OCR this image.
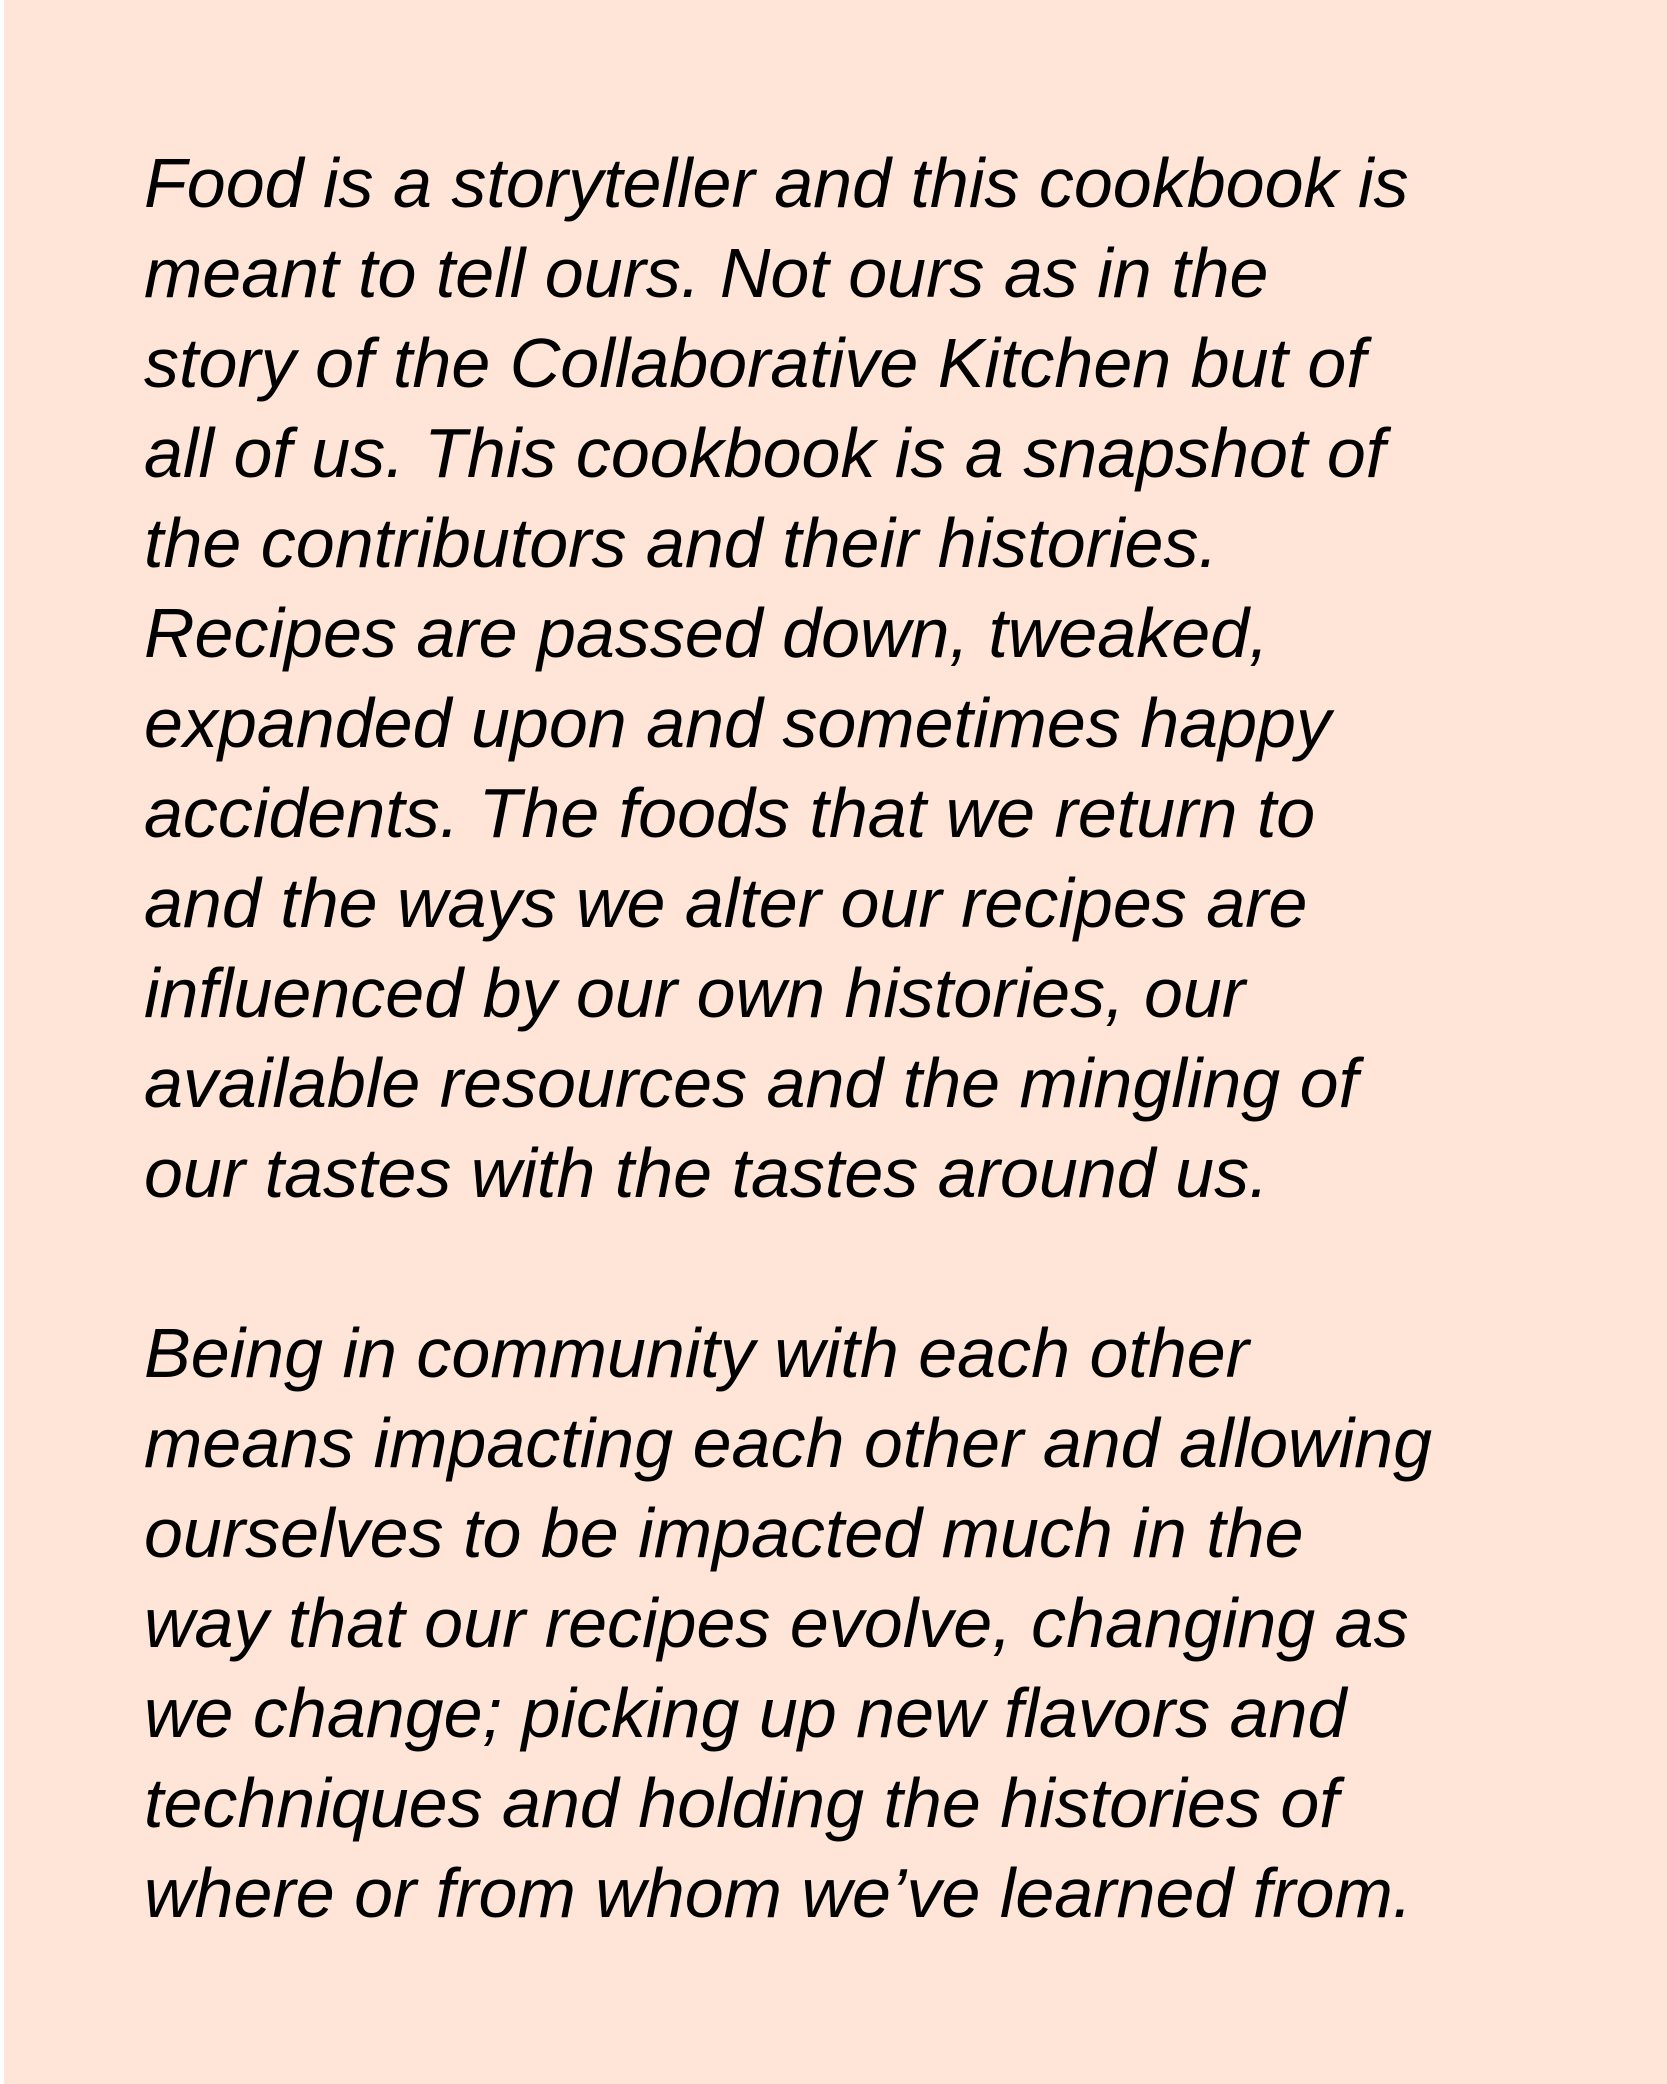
Food is a storyteller and this cookbook is
meant to tell ours. Not ours as in the
story of the Collaborative Kitchen but of
all of us. This cookbook is a snapshot of
the contributors and their histories.
Recipes are passed down, tweaked,
expanded upon and sometimes happy
accidents. The foods that we return to
and the ways we alter our recipes are
influenced by our own histories, our
available resources and the mingling of
our tastes with the tastes around us.

Being in community with each other
means impacting each other and allowing
ourselves to be impacted much in the
way that our recipes evolve, changing as
we change; picking up new flavors and
techniques and holding the histories of
where or from whom we’ve learned from.
